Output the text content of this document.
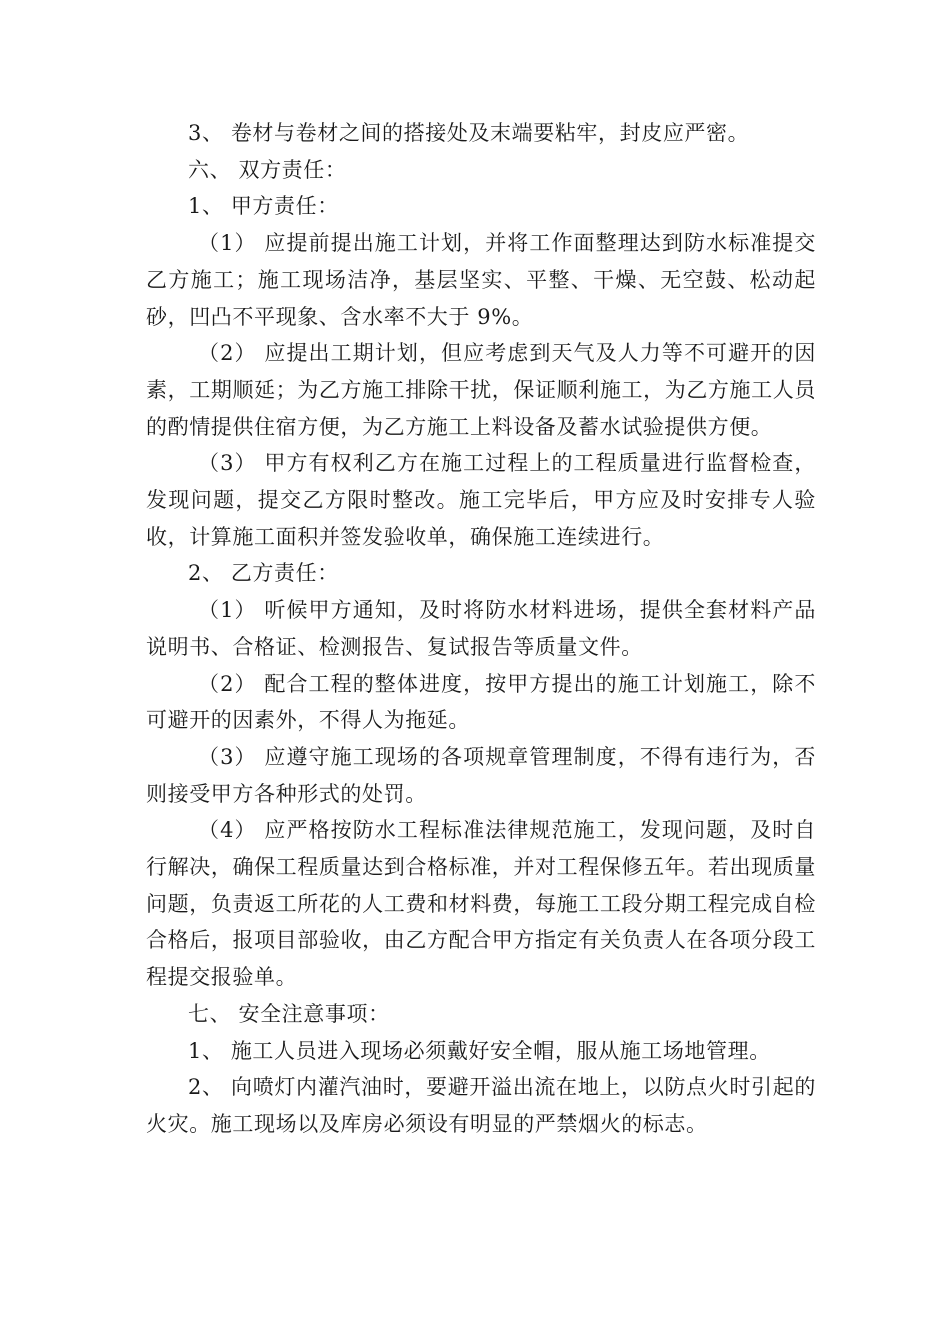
3、 卷材与卷材之间的搭接处及末端要粘牢，封皮应严密。

六、 双方责任：

1、 甲方责任：

（1） 应提前提出施工计划，并将工作面整理达到防水标准提交乙方施工；施工现场洁净，基层坚实、平整、干燥、无空鼓、松动起砂，凹凸不平现象、含水率不大于 9%。

（2） 应提出工期计划，但应考虑到天气及人力等不可避开的因素，工期顺延；为乙方施工排除干扰，保证顺利施工，为乙方施工人员的酌情提供住宿方便，为乙方施工上料设备及蓄水试验提供方便。

（3） 甲方有权利乙方在施工过程上的工程质量进行监督检查，发现问题，提交乙方限时整改。施工完毕后，甲方应及时安排专人验收，计算施工面积并签发验收单，确保施工连续进行。

2、 乙方责任：

（1） 听候甲方通知，及时将防水材料进场，提供全套材料产品说明书、合格证、检测报告、复试报告等质量文件。

（2） 配合工程的整体进度，按甲方提出的施工计划施工，除不可避开的因素外，不得人为拖延。

（3） 应遵守施工现场的各项规章管理制度，不得有违行为，否则接受甲方各种形式的处罚。

（4） 应严格按防水工程标准法律规范施工，发现问题，及时自行解决，确保工程质量达到合格标准，并对工程保修五年。若出现质量问题，负责返工所花的人工费和材料费，每施工工段分期工程完成自检合格后，报项目部验收，由乙方配合甲方指定有关负责人在各项分段工程提交报验单。

七、 安全注意事项：

1、 施工人员进入现场必须戴好安全帽，服从施工场地管理。

2、 向喷灯内灌汽油时，要避开溢出流在地上，以防点火时引起的火灾。施工现场以及库房必须设有明显的严禁烟火的标志。
